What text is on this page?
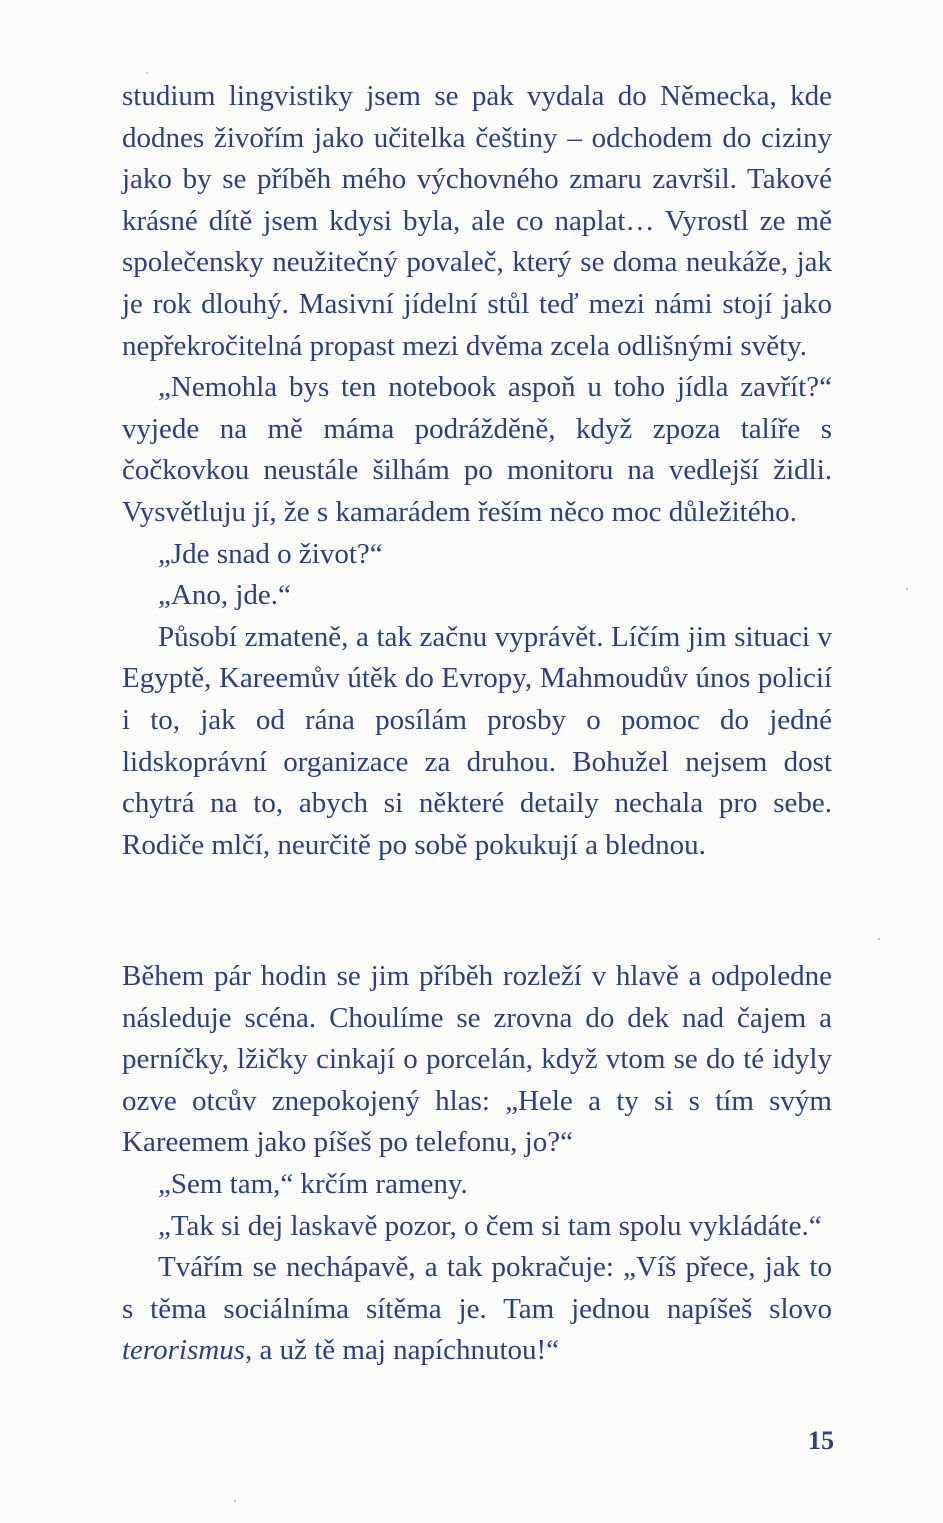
studium lingvistiky jsem se pak vydala do Německa, kde dodnes živořím jako učitelka češtiny – odchodem do ciziny jako by se příběh mého výchovného zmaru završil. Takové krásné dítě jsem kdysi byla, ale co naplat… Vyrostl ze mě společensky neužitečný povaleč, který se doma neukáže, jak je rok dlouhý. Masivní jídelní stůl teď mezi námi stojí jako nepřekročitelná propast mezi dvěma zcela odlišnými světy.

„Nemohla bys ten notebook aspoň u toho jídla zavřít?“ vyjede na mě máma podrážděně, když zpoza talíře s čočkovkou neustále šilhám po monitoru na vedlejší židli. Vysvětluju jí, že s kamarádem řeším něco moc důležitého.

„Jde snad o život?“

„Ano, jde.“

Působí zmateně, a tak začnu vyprávět. Líčím jim situaci v Egyptě, Kareemův útěk do Evropy, Mahmoudův únos policií i to, jak od rána posílám prosby o pomoc do jedné lidskoprávní organizace za druhou. Bohužel nejsem dost chytrá na to, abych si některé detaily nechala pro sebe. Rodiče mlčí, neurčitě po sobě pokukují a blednou.

Během pár hodin se jim příběh rozleží v hlavě a odpoledne následuje scéna. Choulíme se zrovna do dek nad čajem a perníčky, lžičky cinkají o porcelán, když vtom se do té idyly ozve otcův znepokojený hlas: „Hele a ty si s tím svým Kareemem jako píšeš po telefonu, jo?“

„Sem tam,“ krčím rameny.

„Tak si dej laskavě pozor, o čem si tam spolu vykládáte.“

Tvářím se nechápavě, a tak pokračuje: „Víš přece, jak to s těma sociálníma sítěma je. Tam jednou napíšeš slovo terorismus, a už tě maj napíchnutou!“

15
